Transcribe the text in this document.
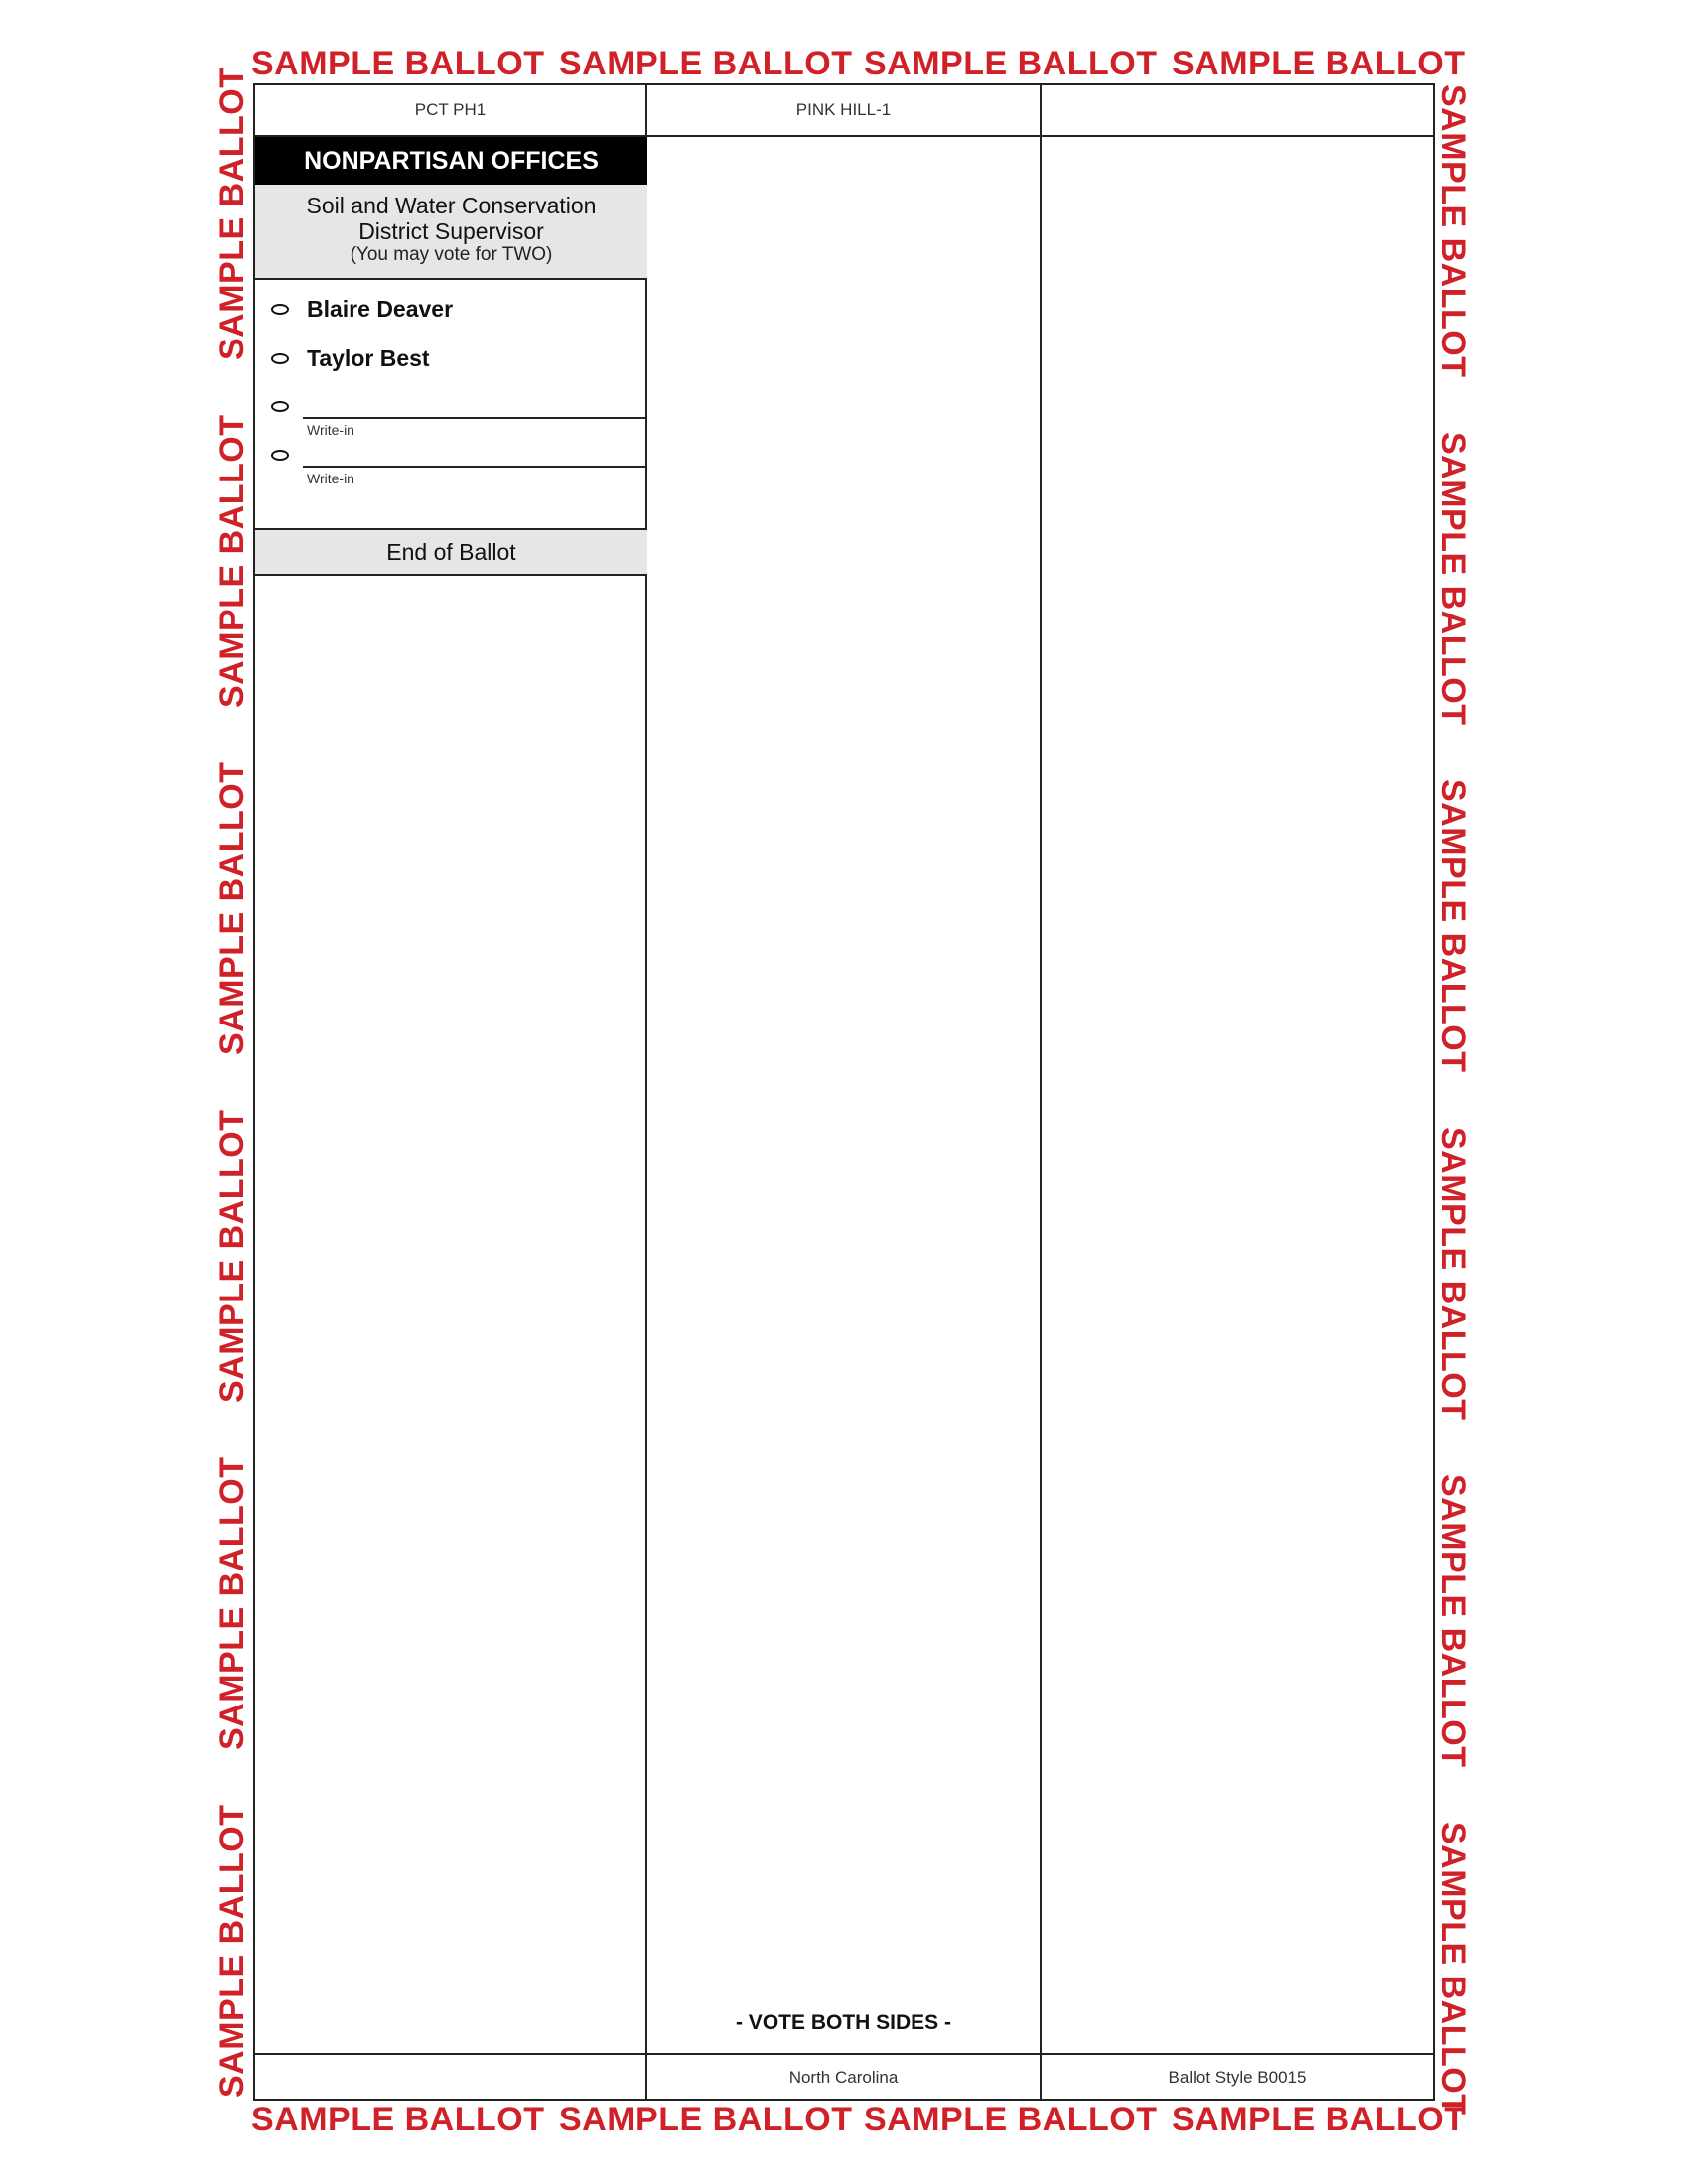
SAMPLE BALLOT SAMPLE BALLOT SAMPLE BALLOT SAMPLE BALLOT
SAMPLE BALLOT SAMPLE BALLOT SAMPLE BALLOT SAMPLE BALLOT
SAMPLE BALLOT
SAMPLE BALLOT
SAMPLE BALLOT
SAMPLE BALLOT
SAMPLE BALLOT
SAMPLE BALLOT
SAMPLE BALLOT
SAMPLE BALLOT
SAMPLE BALLOT
SAMPLE BALLOT
SAMPLE BALLOT
SAMPLE BALLOT
PCT PH1	PINK HILL-1
NONPARTISAN OFFICES
Soil and Water Conservation
District Supervisor
(You may vote for TWO)
Blaire Deaver
Taylor Best
Write-in
Write-in
End of Ballot
- VOTE BOTH SIDES -
North Carolina	Ballot Style B0015
